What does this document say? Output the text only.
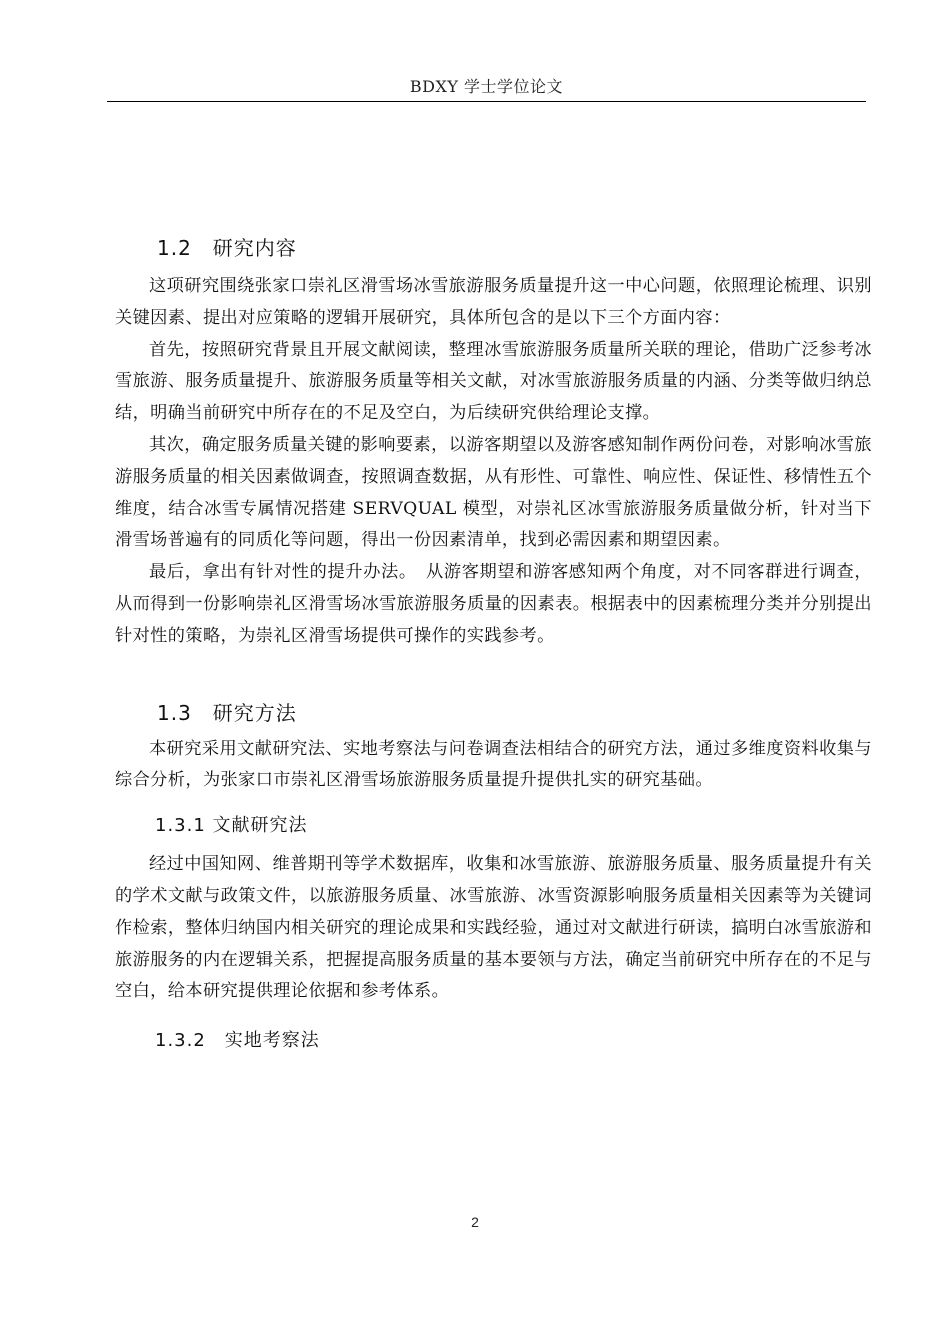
BDXY 学士学位论文
1.2　研究内容

这项研究围绕张家口崇礼区滑雪场冰雪旅游服务质量提升这一中心问题，依照理论梳理、识别关键因素、提出对应策略的逻辑开展研究，具体所包含的是以下三个方面内容：

首先，按照研究背景且开展文献阅读，整理冰雪旅游服务质量所关联的理论，借助广泛参考冰雪旅游、服务质量提升、旅游服务质量等相关文献，对冰雪旅游服务质量的内涵、分类等做归纳总结，明确当前研究中所存在的不足及空白，为后续研究供给理论支撑。

其次，确定服务质量关键的影响要素，以游客期望以及游客感知制作两份问卷，对影响冰雪旅游服务质量的相关因素做调查，按照调查数据，从有形性、可靠性、响应性、保证性、移情性五个维度，结合冰雪专属情况搭建 SERVQUAL 模型，对崇礼区冰雪旅游服务质量做分析，针对当下滑雪场普遍有的同质化等问题，得出一份因素清单，找到必需因素和期望因素。

最后，拿出有针对性的提升办法。　从游客期望和游客感知两个角度，对不同客群进行调查，从而得到一份影响崇礼区滑雪场冰雪旅游服务质量的因素表。根据表中的因素梳理分类并分别提出针对性的策略，为崇礼区滑雪场提供可操作的实践参考。

1.3　研究方法

本研究采用文献研究法、实地考察法与问卷调查法相结合的研究方法，通过多维度资料收集与综合分析，为张家口市崇礼区滑雪场旅游服务质量提升提供扎实的研究基础。

1.3.1 文献研究法

经过中国知网、维普期刊等学术数据库，收集和冰雪旅游、旅游服务质量、服务质量提升有关的学术文献与政策文件，以旅游服务质量、冰雪旅游、冰雪资源影响服务质量相关因素等为关键词作检索，整体归纳国内相关研究的理论成果和实践经验，通过对文献进行研读，搞明白冰雪旅游和旅游服务的内在逻辑关系，把握提高服务质量的基本要领与方法，确定当前研究中所存在的不足与空白，给本研究提供理论依据和参考体系。

1.3.2　实地考察法
2
